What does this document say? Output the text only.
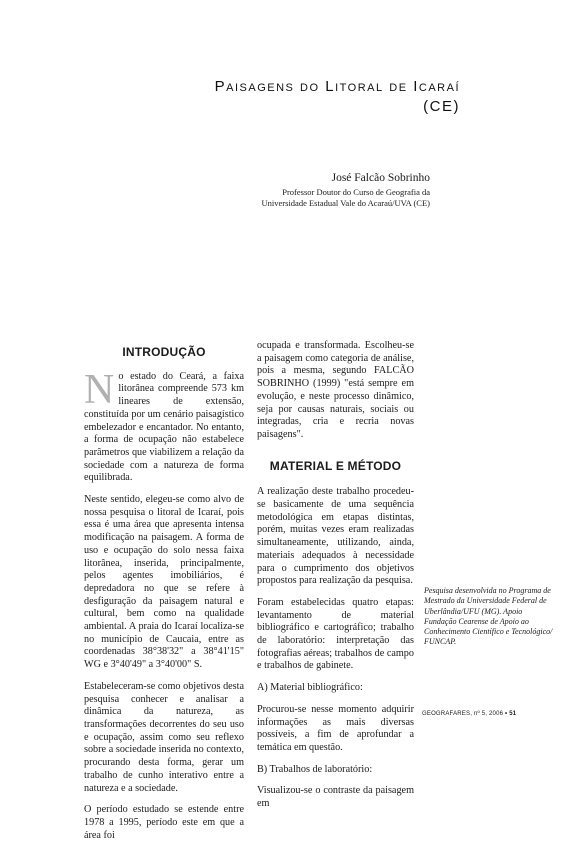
Paisagens do Litoral de Icaraí
(CE)
José Falcão Sobrinho
Professor Doutor do Curso de Geografia da
Universidade Estadual Vale do Acaraú/UVA (CE)
INTRODUÇÃO

No estado do Ceará, a faixa litorânea compreende 573 km lineares de extensão, constituída por um cenário paisagístico embelezador e encantador. No entanto, a forma de ocupação não estabelece parâmetros que viabilizem a relação da sociedade com a natureza de forma equilibrada.

Neste sentido, elegeu-se como alvo de nossa pesquisa o litoral de Icaraí, pois essa é uma área que apresenta intensa modificação na paisagem. A forma de uso e ocupação do solo nessa faixa litorânea, inserida, principalmente, pelos agentes imobiliários, é depredadora no que se refere à desfiguração da paisagem natural e cultural, bem como na qualidade ambiental. A praia do Icaraí localiza-se no município de Caucaia, entre as coordenadas 38°38'32" a 38°41'15" WG e 3°40'49" a 3°40'00" S.

Estabeleceram-se como objetivos desta pesquisa conhecer e analisar a dinâmica da natureza, as transformações decorrentes do seu uso e ocupação, assim como seu reflexo sobre a sociedade inserida no contexto, procurando desta forma, gerar um trabalho de cunho interativo entre a natureza e a sociedade.

O período estudado se estende entre 1978 a 1995, período este em que a área foi

ocupada e transformada. Escolheu-se a paisagem como categoria de análise, pois a mesma, segundo FALCÃO SOBRINHO (1999) "está sempre em evolução, e neste processo dinâmico, seja por causas naturais, sociais ou integradas, cria e recria novas paisagens".

MATERIAL E MÉTODO

A realização deste trabalho procedeu-se basicamente de uma sequência metodológica em etapas distintas, porém, muitas vezes eram realizadas simultaneamente, utilizando, ainda, materiais adequados à necessidade para o cumprimento dos objetivos propostos para realização da pesquisa.

Foram estabelecidas quatro etapas: levantamento de material bibliográfico e cartográfico; trabalho de laboratório: interpretação das fotografias aéreas; trabalhos de campo e trabalhos de gabinete.

A) Material bibliográfico:

Procurou-se nesse momento adquirir informações as mais diversas possíveis, a fim de aprofundar a temática em questão.

B) Trabalhos de laboratório:

Visualizou-se o contraste da paisagem em

Pesquisa desenvolvida no Programa de Mestrado da Universidade Federal de Uberlândia/UFU (MG). Apoio Fundação Cearense de Apoio ao Conhecimento Científico e Tecnológico/ FUNCAP.
GEOGRAFARES, nº 5, 2006 • 51
